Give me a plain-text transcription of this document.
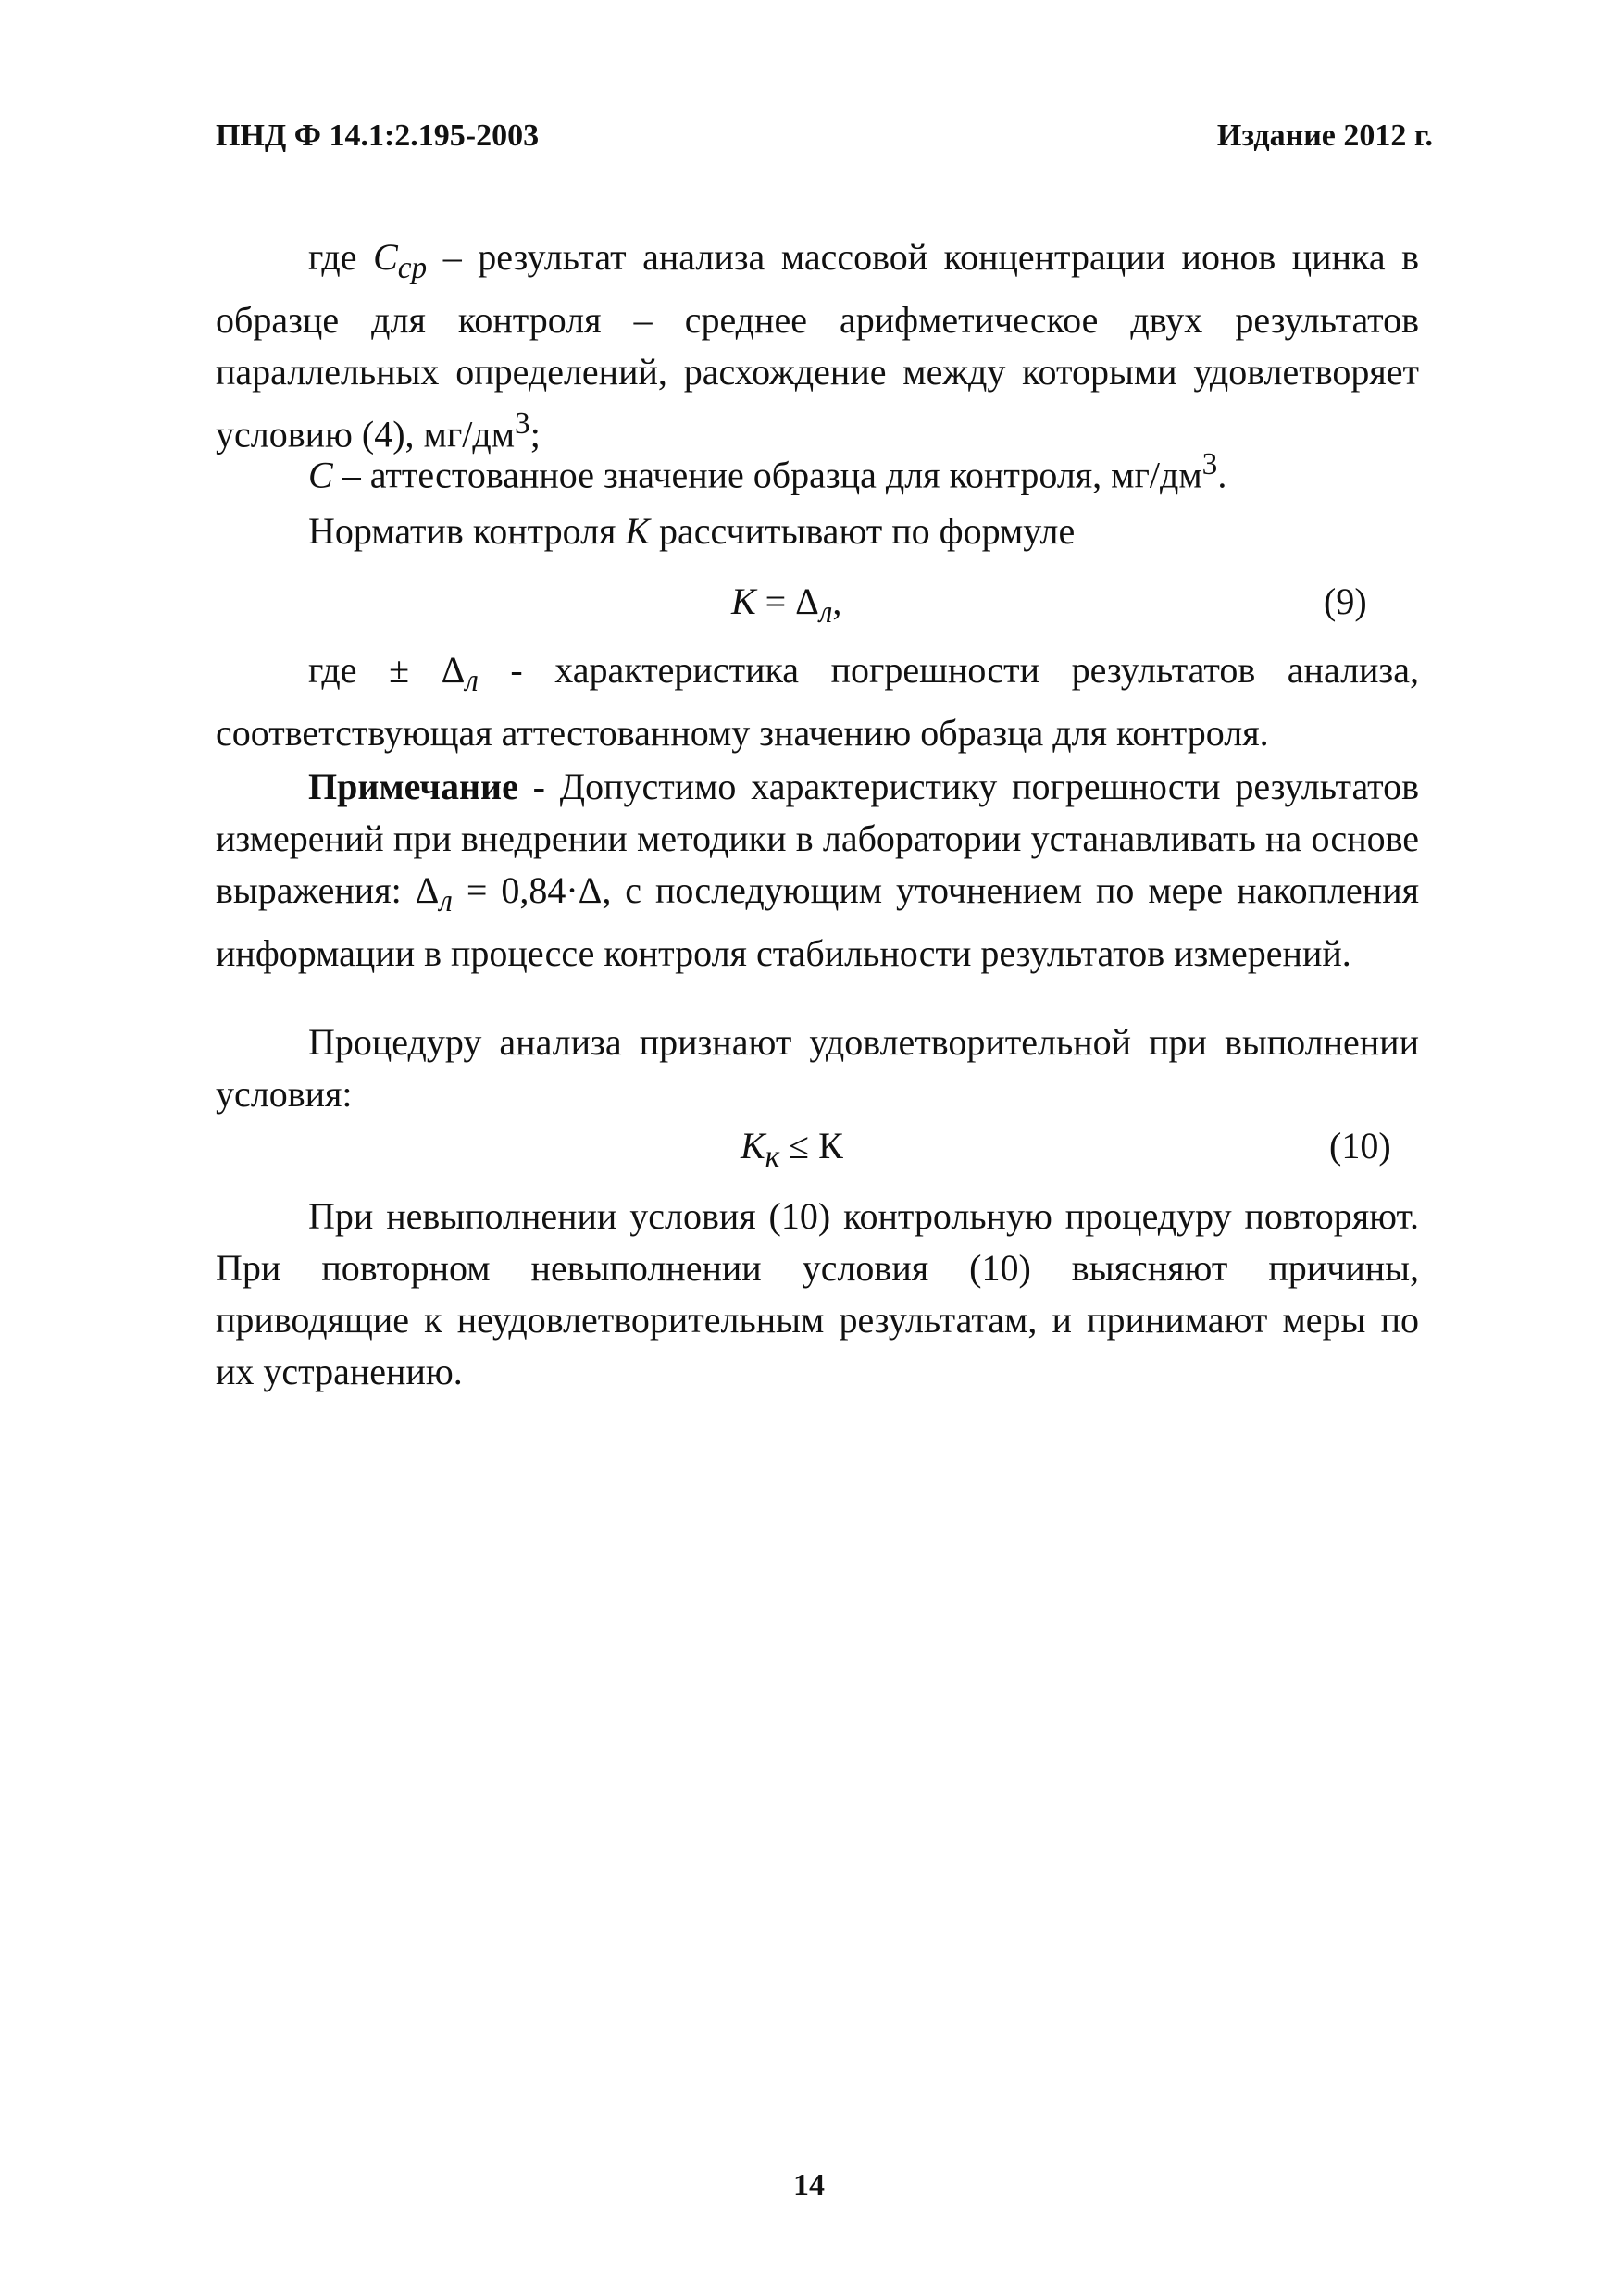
ПНД Ф 14.1:2.195-2003	Издание 2012 г.

где $C_{ср}$ – результат анализа массовой концентрации ионов цинка в образце для контроля – среднее арифметическое двух результатов параллельных определений, расхождение между которыми удовлетворяет условию (4), $мг/дм^3$;

С – аттестованное значение образца для контроля, $мг/дм^3$.

Норматив контроля К рассчитывают по формуле

$К = \Delta_л$,	(9)

где ± $\Delta_л$ - характеристика погрешности результатов анализа, соответствующая аттестованному значению образца для контроля.

Примечание - Допустимо характеристику погрешности результатов измерений при внедрении методики в лаборатории устанавливать на основе выражения: $\Delta_л = 0,84\cdot\Delta$, с последующим уточнением по мере накопления информации в процессе контроля стабильности результатов измерений.

Процедуру анализа признают удовлетворительной при выполнении условия:

$К_к \le К$	(10)

При невыполнении условия (10) контрольную процедуру повторяют. При повторном невыполнении условия (10) выясняют причины, приводящие к неудовлетворительным результатам, и принимают меры по их устранению.

14
